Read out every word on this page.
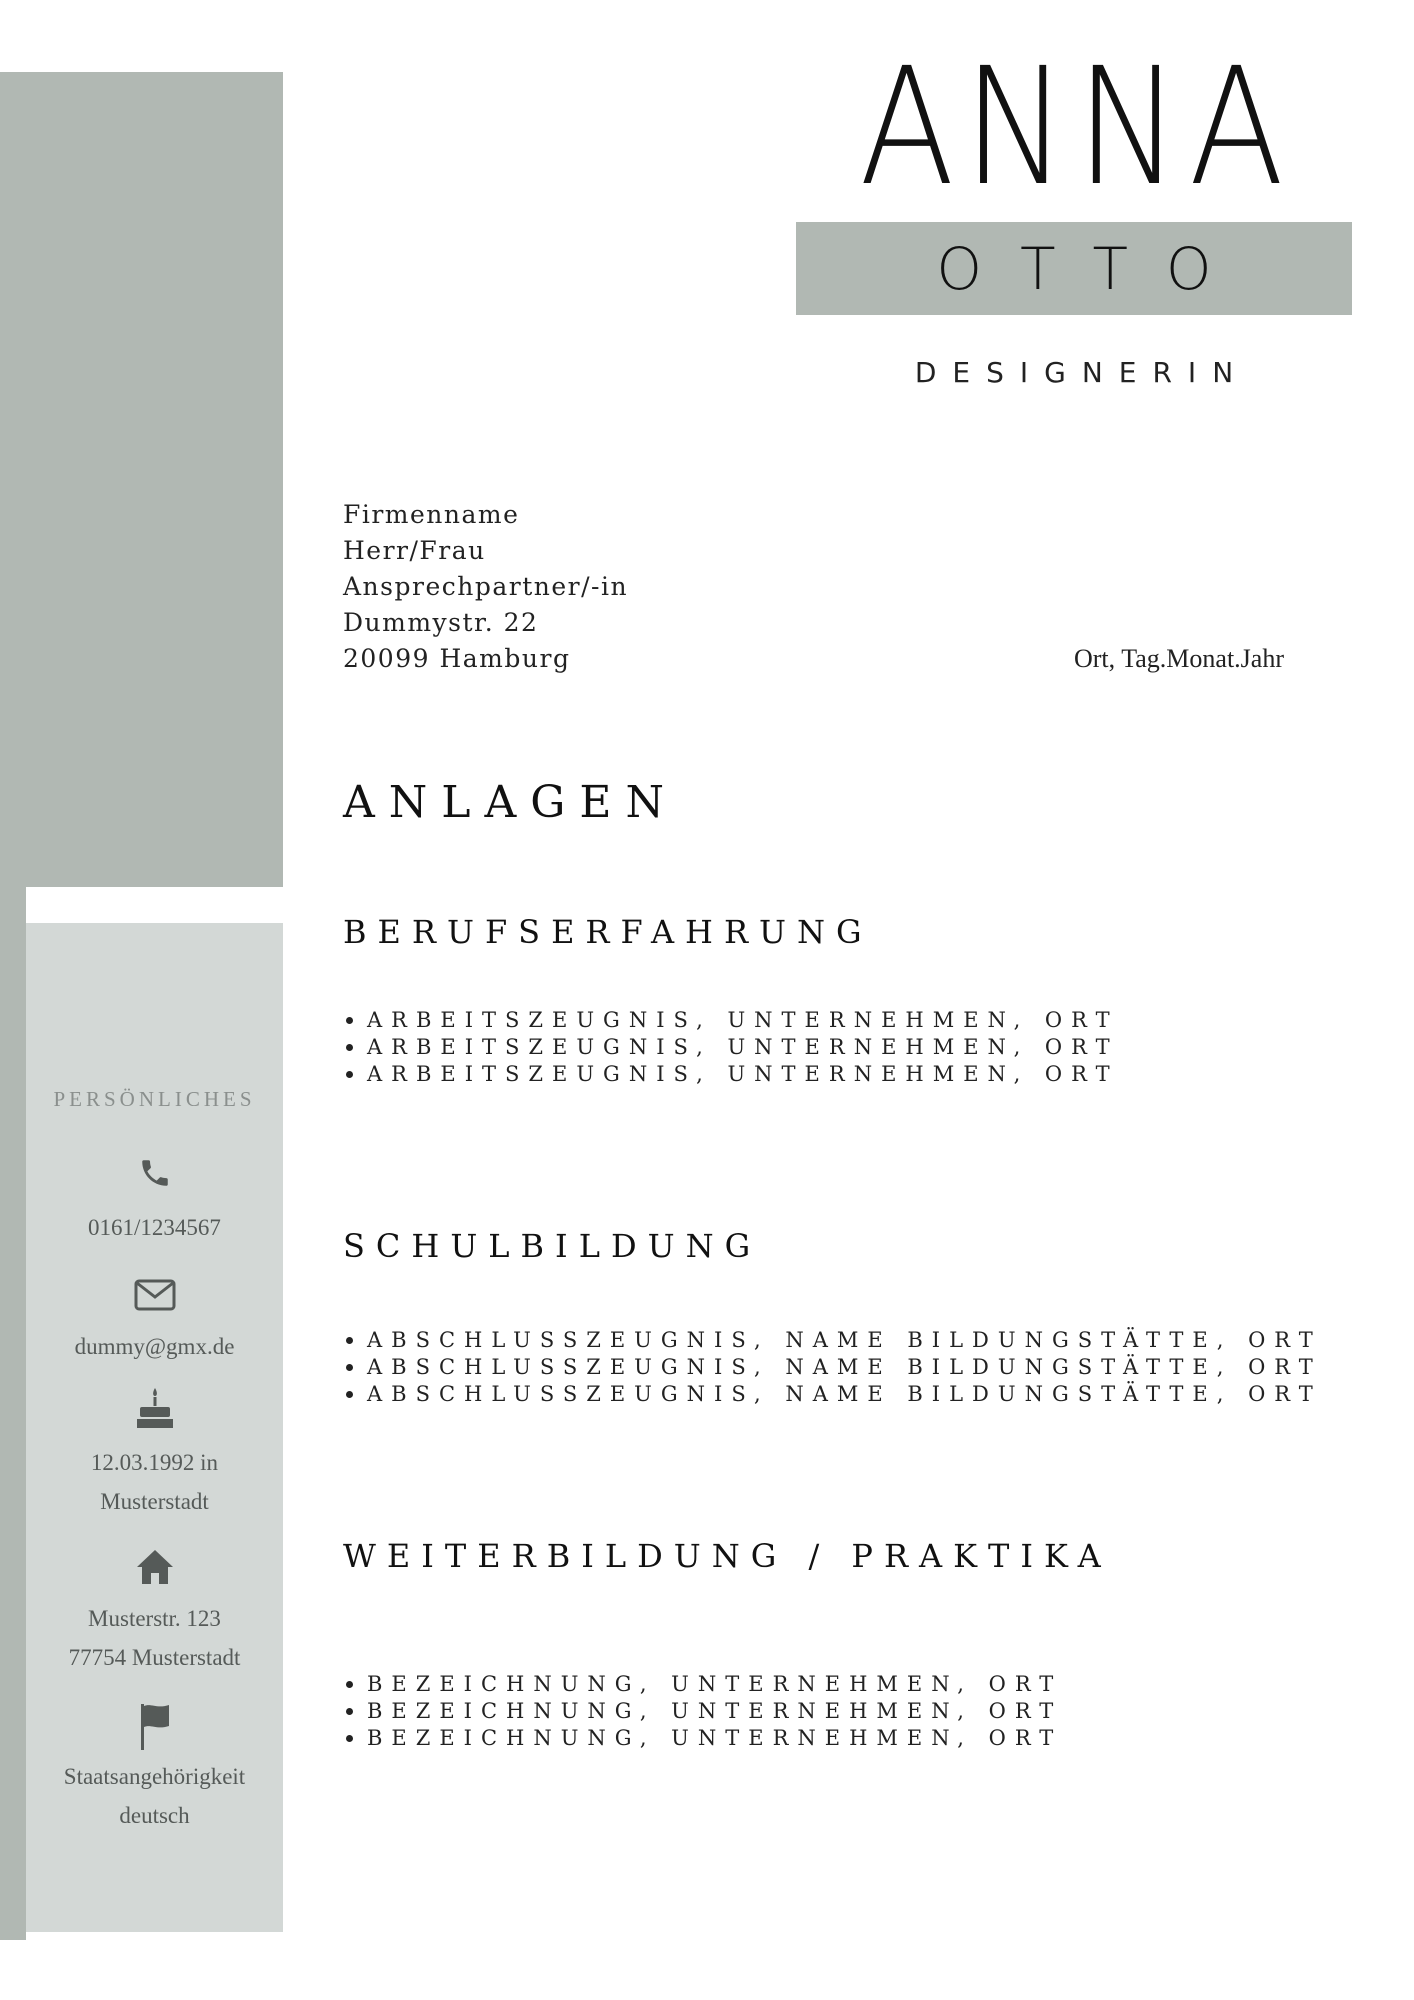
PERSÖNLICHES
0161/1234567
dummy@gmx.de
12.03.1992 in
Musterstadt
Musterstr. 123
77754 Musterstadt
Staatsangehörigkeit
deutsch
ANNA
OTTO
DESIGNERIN
Firmenname
Herr/Frau
Ansprechpartner/-in
Dummystr. 22
20099 Hamburg	Ort, Tag.Monat.Jahr
ANLAGEN
BERUFSERFAHRUNG
ARBEITSZEUGNIS, UNTERNEHMEN, ORT
ARBEITSZEUGNIS, UNTERNEHMEN, ORT
ARBEITSZEUGNIS, UNTERNEHMEN, ORT
SCHULBILDUNG
ABSCHLUSSZEUGNIS, NAME BILDUNGSTÄTTE, ORT
ABSCHLUSSZEUGNIS, NAME BILDUNGSTÄTTE, ORT
ABSCHLUSSZEUGNIS, NAME BILDUNGSTÄTTE, ORT
WEITERBILDUNG / PRAKTIKA
BEZEICHNUNG, UNTERNEHMEN, ORT
BEZEICHNUNG, UNTERNEHMEN, ORT
BEZEICHNUNG, UNTERNEHMEN, ORT
